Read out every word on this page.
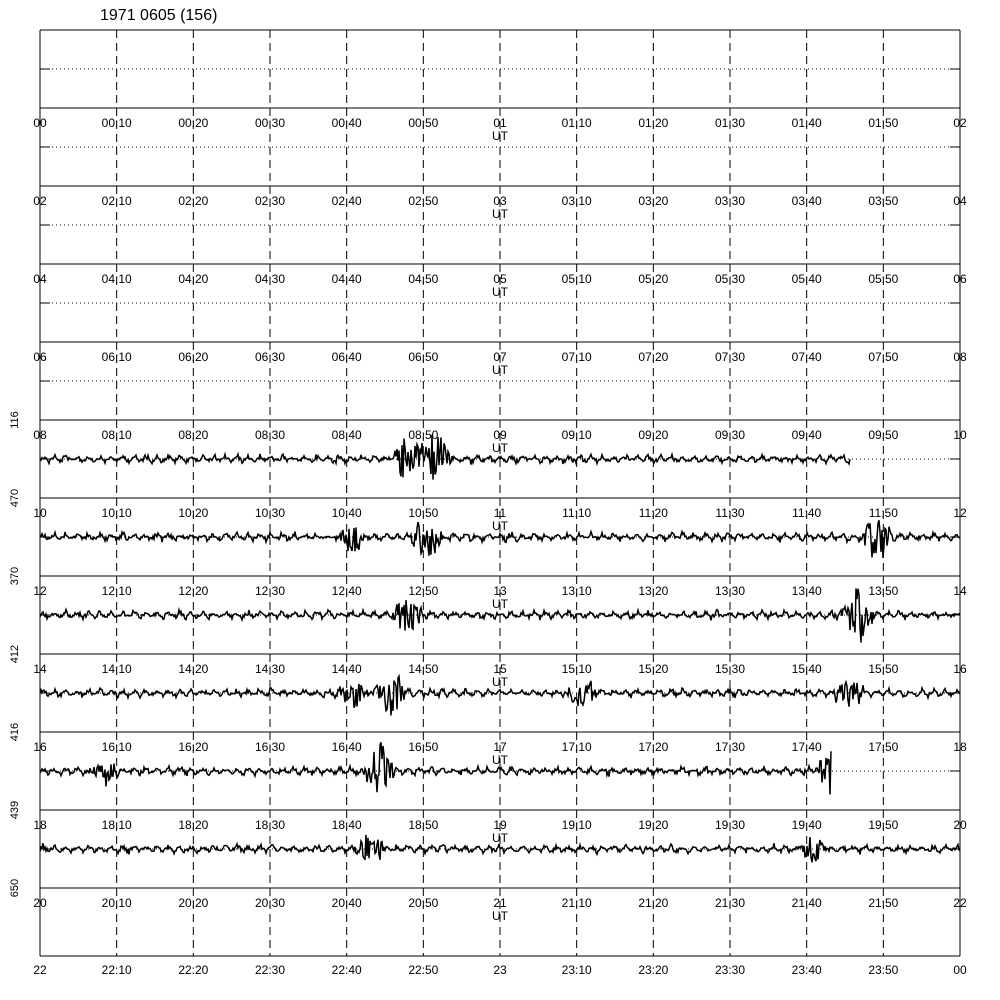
1971 0605 (156)
00	00:10	00:20	00:30	00:40	00:50	01	01:10	01:20	01:30	01:40	01:50	02
UT
02	02:10	02:20	02:30	02:40	02:50	03	03:10	03:20	03:30	03:40	03:50	04
UT
04	04:10	04:20	04:30	04:40	04:50	05	05:10	05:20	05:30	05:40	05:50	06
UT
06	06:10	06:20	06:30	06:40	06:50	07	07:10	07:20	07:30	07:40	07:50	08
UT
116
08	08:10	08:20	08:30	08:40	08:50	09	09:10	09:20	09:30	09:40	09:50	10
UT
470
10	10:10	10:20	10:30	10:40	10:50	11	11:10	11:20	11:30	11:40	11:50	12
UT
370
12	12:10	12:20	12:30	12:40	12:50	13	13:10	13:20	13:30	13:40	13:50	14
UT
412
14	14:10	14:20	14:30	14:40	14:50	15	15:10	15:20	15:30	15:40	15:50	16
UT
416
16	16:10	16:20	16:30	16:40	16:50	17	17:10	17:20	17:30	17:40	17:50	18
UT
439
18	18:10	18:20	18:30	18:40	18:50	19	19:10	19:20	19:30	19:40	19:50	20
UT
650
20	20:10	20:20	20:30	20:40	20:50	21	21:10	21:20	21:30	21:40	21:50	22
UT
22	22:10	22:20	22:30	22:40	22:50	23	23:10	23:20	23:30	23:40	23:50	00
